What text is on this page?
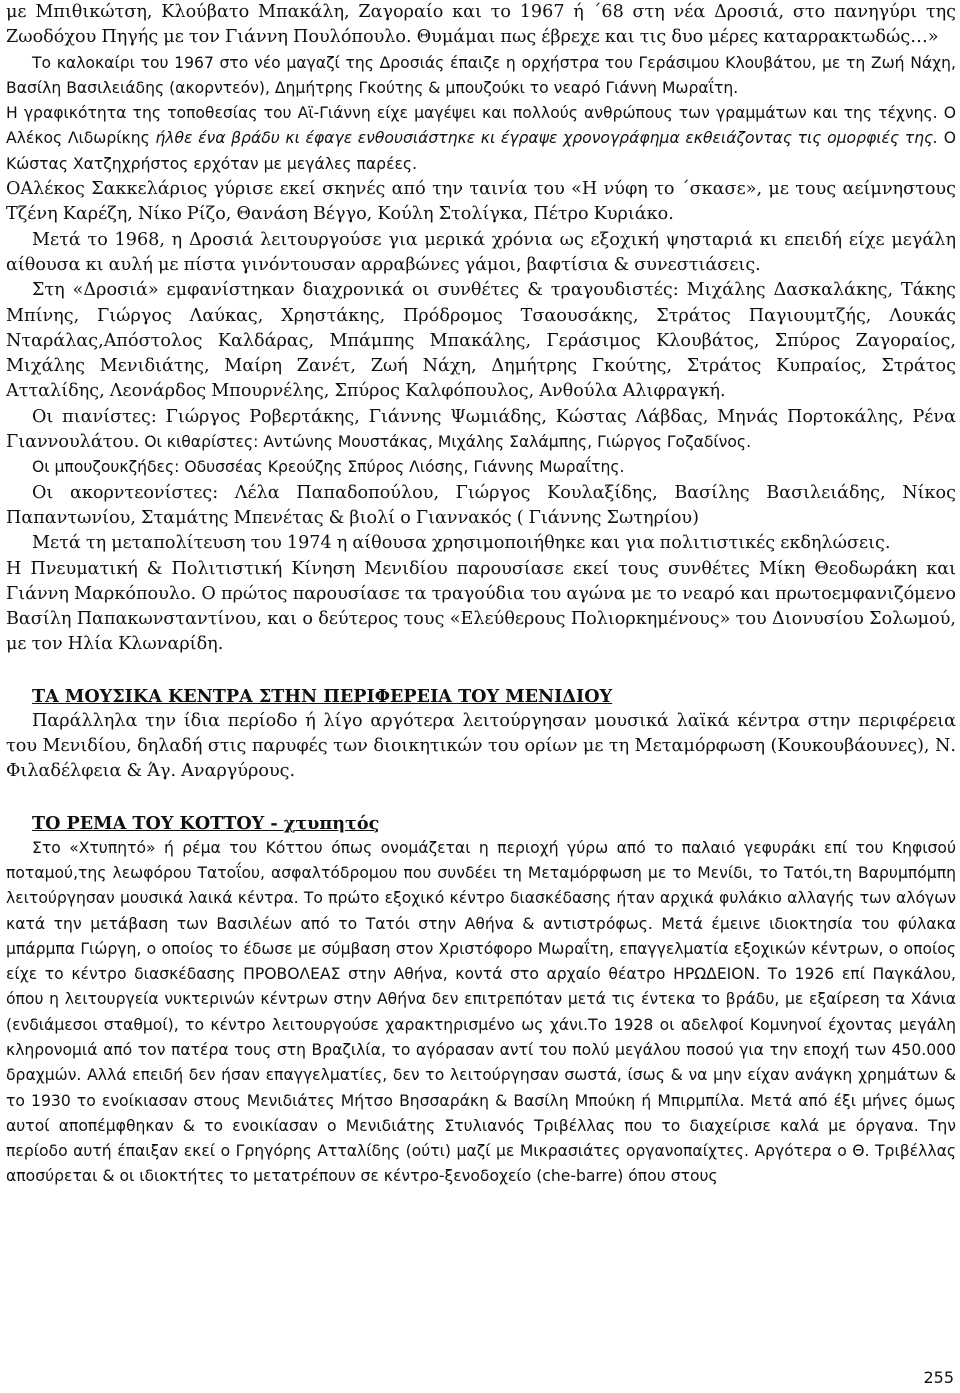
με Μπιθικώτση, Κλούβατο Μπακάλη, Ζαγοραίο και το 1967 ή ΄68 στη νέα Δροσιά, στο πανηγύρι της Ζωοδόχου Πηγής με τον Γιάννη Πουλόπουλο. Θυμάμαι πως έβρεχε και τις δυο μέρες καταρρακτωδώς…»

Το καλοκαίρι του 1967 στο νέο μαγαζί της Δροσιάς έπαιζε η ορχήστρα του Γεράσιμου Κλουβάτου, με τη Ζωή Νάχη, Βασίλη Βασιλειάδης (ακορντεόν), Δημήτρης Γκούτης & μπουζούκι το νεαρό Γιάννη Μωραΐτη.

Η γραφικότητα της τοποθεσίας του Αϊ-Γιάννη είχε μαγέψει και πολλούς ανθρώπους των γραμμάτων και της τέχνης. Ο Αλέκος Λιδωρίκης ήλθε ένα βράδυ κι έφαγε ενθουσιάστηκε κι έγραψε χρονογράφημα εκθειάζοντας τις ομορφιές της. Ο Κώστας Χατζηχρήστος ερχόταν με μεγάλες παρέες.

ΟΑλέκος Σακκελάριος γύρισε εκεί σκηνές από την ταινία του «Η νύφη το ΄σκασε», με τους αείμνηστους Τζένη Καρέζη, Νίκο Ρίζο, Θανάση Βέγγο, Κούλη Στολίγκα, Πέτρο Κυριάκο.

Μετά το 1968, η Δροσιά λειτουργούσε για μερικά χρόνια ως εξοχική ψησταριά κι επειδή είχε μεγάλη αίθουσα κι αυλή με πίστα γινόντουσαν αρραβώνες γάμοι, βαφτίσια & συνεστιάσεις.

Στη «Δροσιά» εμφανίστηκαν διαχρονικά οι συνθέτες & τραγουδιστές: Μιχάλης Δασκαλάκης, Τάκης Μπίνης, Γιώργος Λαύκας, Χρηστάκης, Πρόδρομος Τσαουσάκης, Στράτος Παγιουμτζής, Λουκάς Νταράλας,Απόστολος Καλδάρας, Μπάμπης Μπακάλης, Γεράσιμος Κλουβάτος, Σπύρος Ζαγοραίος, Μιχάλης Μενιδιάτης, Μαίρη Ζανέτ, Ζωή Νάχη, Δημήτρης Γκούτης, Στράτος Κυπραίος, Στράτος Ατταλίδης, Λεονάρδος Μπουρνέλης, Σπύρος Καλφόπουλος, Ανθούλα Αλιφραγκή.

Οι πιανίστες: Γιώργος Ροβερτάκης, Γιάννης Ψωμιάδης, Κώστας Λάβδας, Μηνάς Πορτοκάλης, Ρένα Γιαννουλάτου. Οι κιθαρίστες: Αντώνης Μουστάκας, Μιχάλης Σαλάμπης, Γιώργος Γοζαδίνος.

Οι μπουζουκζήδες: Οδυσσέας Κρεούζης Σπύρος Λιόσης, Γιάννης Μωραΐτης.

Οι ακορντεονίστες: Λέλα Παπαδοπούλου, Γιώργος Κουλαξίδης, Βασίλης Βασιλειάδης, Νίκος Παπαντωνίου, Σταμάτης Μπενέτας & βιολί ο Γιαννακός ( Γιάννης Σωτηρίου)

Μετά τη μεταπολίτευση του 1974 η αίθουσα χρησιμοποιήθηκε και για πολιτιστικές εκδηλώσεις.

Η Πνευματική & Πολιτιστική Κίνηση Μενιδίου παρουσίασε εκεί τους συνθέτες Μίκη Θεοδωράκη και Γιάννη Μαρκόπουλο. Ο πρώτος παρουσίασε τα τραγούδια του αγώνα με το νεαρό και πρωτοεμφανιζόμενο Βασίλη Παπακωνσταντίνου, και ο δεύτερος τους «Ελεύθερους Πολιορκημένους» του Διονυσίου Σολωμού, με τον Ηλία Κλωναρίδη.

ΤΑ ΜΟΥΣΙΚΑ ΚΕΝΤΡΑ ΣΤΗΝ ΠΕΡΙΦΕΡΕΙΑ ΤΟΥ ΜΕΝΙΔΙΟΥ

Παράλληλα την ίδια περίοδο ή λίγο αργότερα λειτούργησαν μουσικά λαϊκά κέντρα στην περιφέρεια του Μενιδίου, δηλαδή στις παρυφές των διοικητικών του ορίων με τη Μεταμόρφωση (Κουκουβάουνες), Ν. Φιλαδέλφεια & Άγ. Αναργύρους.

ΤΟ ΡΕΜΑ ΤΟΥ ΚΟΤΤΟΥ - χτυπητός

Στο «Χτυπητό» ή ρέμα του Κόττου όπως ονομάζεται η περιοχή γύρω από το παλαιό γεφυράκι επί του Κηφισού ποταμού,της λεωφόρου Τατοΐου, ασφαλτόδρομου που συνδέει τη Μεταμόρφωση με το Μενίδι, το Τατόι,τη Βαρυμπόμπη λειτούργησαν μουσικά λαικά κέντρα. Το πρώτο εξοχικό κέντρο διασκέδασης ήταν αρχικά φυλάκιο αλλαγής των αλόγων κατά την μετάβαση των Βασιλέων από το Τατόι στην Αθήνα & αντιστρόφως. Μετά έμεινε ιδιοκτησία του φύλακα μπάρμπα Γιώργη, ο οποίος το έδωσε με σύμβαση στον Χριστόφορο Μωραΐτη, επαγγελματία εξοχικών κέντρων, ο οποίος είχε το κέντρο διασκέδασης ΠΡΟΒΟΛΕΑΣ στην Αθήνα, κοντά στο αρχαίο θέατρο ΗΡΩΔΕΙΟΝ. Το 1926 επί Παγκάλου, όπου η λειτουργεία νυκτερινών κέντρων στην Αθήνα δεν επιτρεπόταν μετά τις έντεκα το βράδυ, με εξαίρεση τα Χάνια (ενδιάμεσοι σταθμοί), το κέντρο λειτουργούσε χαρακτηρισμένο ως χάνι.Το 1928 οι αδελφοί Κομνηνοί έχοντας μεγάλη κληρονομιά από τον πατέρα τους στη Βραζιλία, το αγόρασαν αντί του πολύ μεγάλου ποσού για την εποχή των 450.000 δραχμών. Αλλά επειδή δεν ήσαν επαγγελματίες, δεν το λειτούργησαν σωστά, ίσως & να μην είχαν ανάγκη χρημάτων & το 1930 το ενοίκιασαν στους Μενιδιάτες Μήτσο Βησσαράκη & Βασίλη Μπούκη ή Μπιρμπίλα. Μετά από έξι μήνες όμως αυτοί αποπέμφθηκαν & το ενοικίασαν ο Μενιδιάτης Στυλιανός Τριβέλλας που το διαχείρισε καλά με όργανα. Την περίοδο αυτή έπαιξαν εκεί ο Γρηγόρης Ατταλίδης (ούτι) μαζί με Μικρασιάτες οργανοπαίχτες. Αργότερα ο Θ. Τριβέλλας απoσύρεται & οι ιδιοκτήτες το μετατρέπουν σε κέντρο-ξενοδοχείο (che-barre) όπου στους

255
